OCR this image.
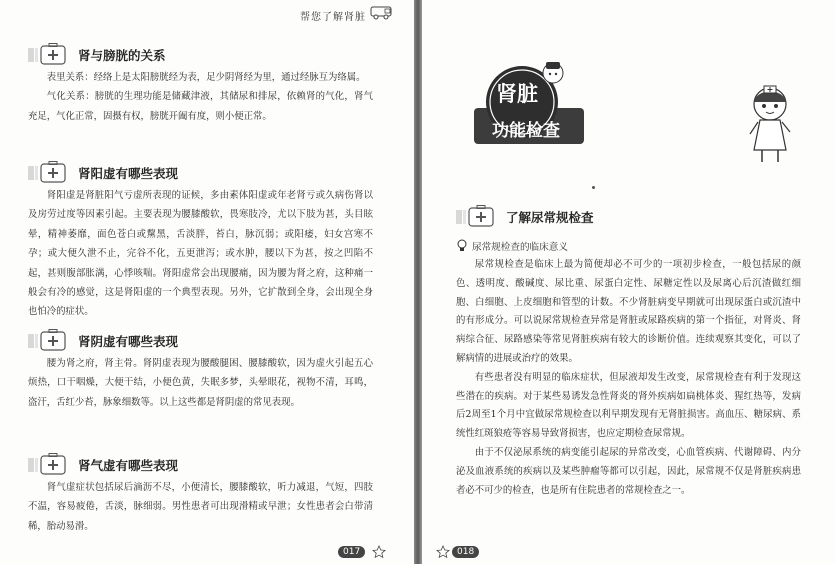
帮您了解肾脏
肾与膀胱的关系

表里关系：经络上是太阳膀胱经为表，足少阴肾经为里，通过经脉互为络属。

气化关系：膀胱的生理功能是储藏津液，其储尿和排尿，依赖肾的气化，肾气充足，气化正常，固摄有权，膀胱开阖有度，则小便正常。

肾阳虚有哪些表现

肾阳虚是肾脏阳气亏虚所表现的证候，多由素体阳虚或年老肾亏或久病伤肾以及房劳过度等因素引起。主要表现为腰膝酸软，畏寒肢冷，尤以下肢为甚，头目眩晕，精神萎靡，面色苍白或黧黑，舌淡胖，苔白，脉沉弱；或阳痿，妇女宫寒不孕；或大便久泄不止，完谷不化，五更泄泻；或水肿，腰以下为甚，按之凹陷不起，甚则腹部胀满，心悸咳喘。肾阳虚常会出现腰痛，因为腰为肾之府，这种痛一般会有冷的感觉，这是肾阳虚的一个典型表现。另外，它扩散到全身，会出现全身也怕冷的症状。

肾阴虚有哪些表现

腰为肾之府，肾主骨。肾阴虚表现为腰酸腿困、腰膝酸软，因为虚火引起五心烦热，口干咽燥，大便干结，小便色黄，失眠多梦，头晕眼花，视物不清，耳鸣，盗汗，舌红少苔，脉象细数等。以上这些都是肾阴虚的常见表现。

肾气虚有哪些表现

肾气虚症状包括尿后滴沥不尽，小便清长，腰膝酸软，听力减退，气短，四肢不温，容易疲倦，舌淡，脉细弱。男性患者可出现滑精或早泄；女性患者会白带清稀，胎动易滑。

017
肾脏
功能检查
了解尿常规检查
尿常规检查的临床意义

尿常规检查是临床上最为简便却必不可少的一项初步检查，一般包括尿的颜色、透明度、酸碱度、尿比重、尿蛋白定性、尿糖定性以及尿离心后沉渣做红细胞、白细胞、上皮细胞和管型的计数。不少肾脏病变早期就可出现尿蛋白或沉渣中的有形成分。可以说尿常规检查异常是肾脏或尿路疾病的第一个指征，对肾炎、肾病综合征、尿路感染等常见肾脏疾病有较大的诊断价值。连续观察其变化，可以了解病情的进展或治疗的效果。

有些患者没有明显的临床症状，但尿液却发生改变，尿常规检查有利于发现这些潜在的疾病。对于某些易诱发急性肾炎的肾外疾病如扁桃体炎、猩红热等，发病后2周至1个月中宜做尿常规检查以利早期发现有无肾脏损害。高血压、糖尿病、系统性红斑狼疮等容易导致肾损害，也应定期检查尿常规。

由于不仅泌尿系统的病变能引起尿的异常改变，心血管疾病、代谢障碍、内分泌及血液系统的疾病以及某些肿瘤等都可以引起，因此，尿常规不仅是肾脏疾病患者必不可少的检查，也是所有住院患者的常规检查之一。

018
